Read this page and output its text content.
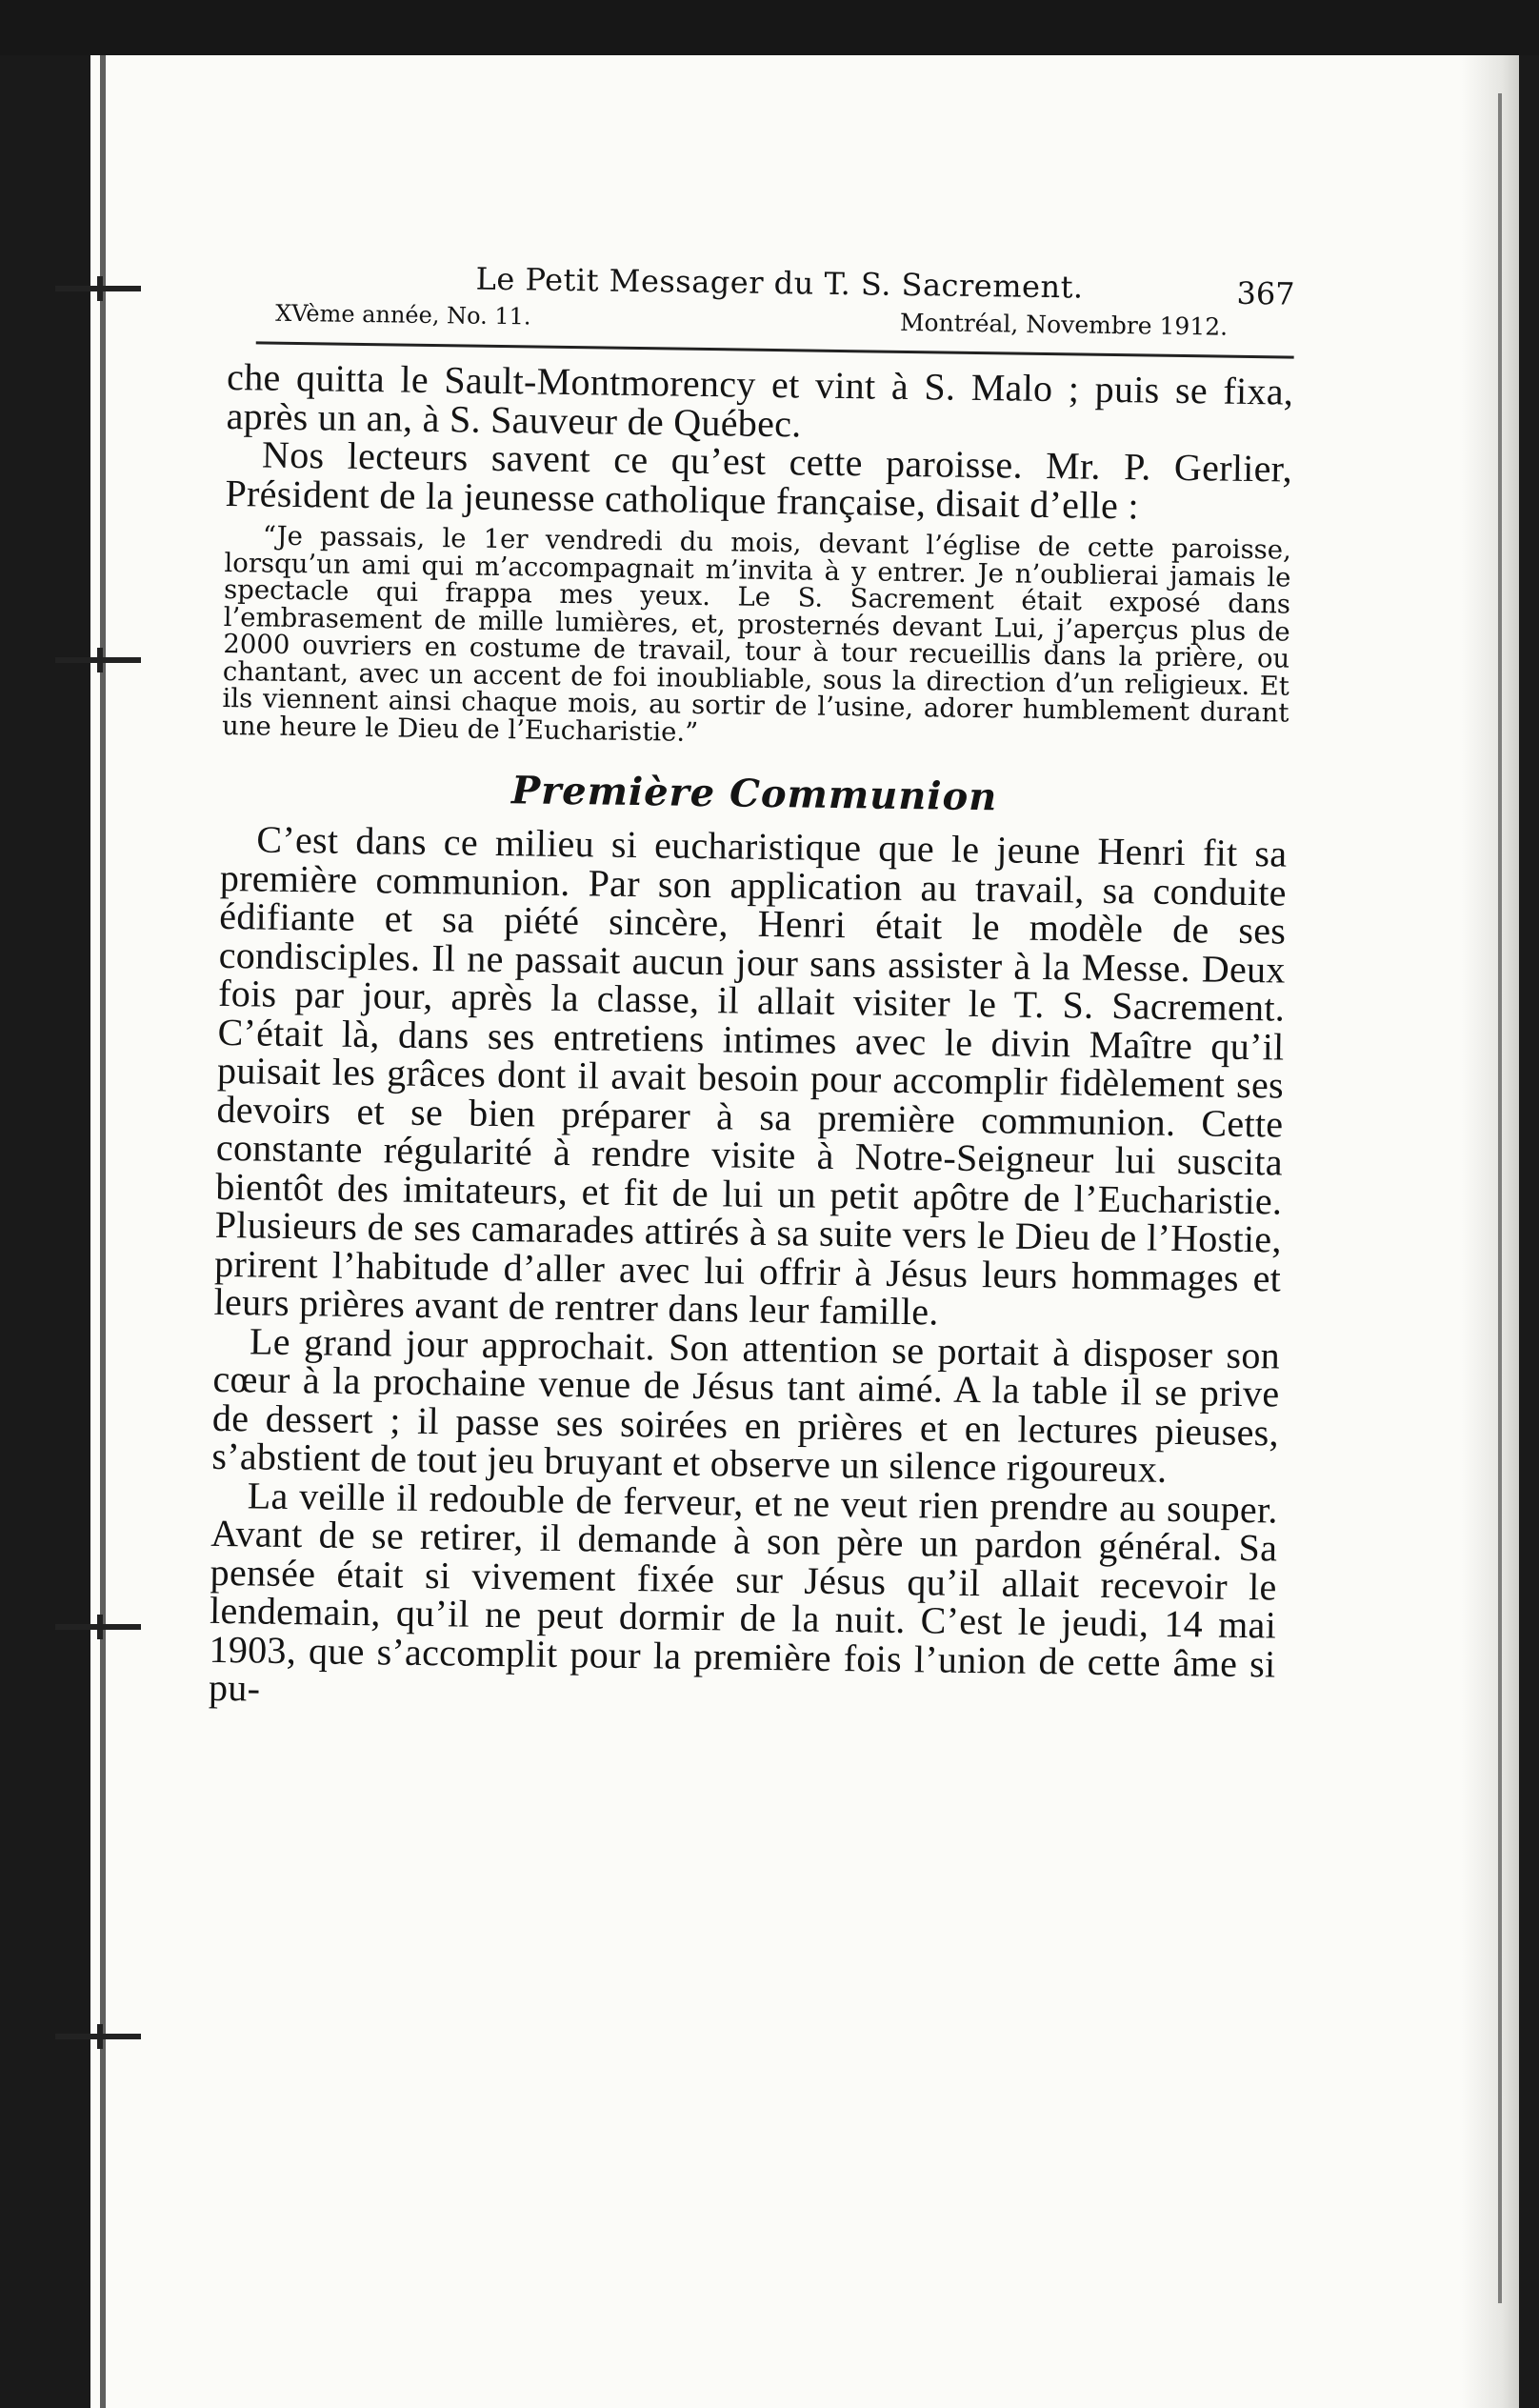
Le Petit Messager du T. S. Sacrement.	367
XVème année, No. 11.	Montréal, Novembre 1912.

che quitta le Sault-Montmorency et vint à S. Malo ; puis se fixa, après un an, à S. Sauveur de Québec.

Nos lecteurs savent ce qu’est cette paroisse. Mr. P. Gerlier, Président de la jeunesse catholique française, disait d’elle :

“Je passais, le 1er vendredi du mois, devant l’église de cette paroisse, lorsqu’un ami qui m’accompagnait m’invita à y entrer. Je n’oublierai jamais le spectacle qui frappa mes yeux. Le S. Sacrement était exposé dans l’embrasement de mille lumières, et, prosternés devant Lui, j’aperçus plus de 2000 ouvriers en costume de travail, tour à tour recueillis dans la prière, ou chantant, avec un accent de foi inoubliable, sous la direction d’un religieux. Et ils viennent ainsi chaque mois, au sortir de l’usine, adorer humblement durant une heure le Dieu de l’Eucharistie.”

Première Communion

C’est dans ce milieu si eucharistique que le jeune Henri fit sa première communion. Par son application au travail, sa conduite édifiante et sa piété sincère, Henri était le modèle de ses condisciples. Il ne passait aucun jour sans assister à la Messe. Deux fois par jour, après la classe, il allait visiter le T. S. Sacrement. C’était là, dans ses entretiens intimes avec le divin Maître qu’il puisait les grâces dont il avait besoin pour accomplir fidèlement ses devoirs et se bien préparer à sa première communion. Cette constante régularité à rendre visite à Notre-Seigneur lui suscita bientôt des imitateurs, et fit de lui un petit apôtre de l’Eucharistie. Plusieurs de ses camarades attirés à sa suite vers le Dieu de l’Hostie, prirent l’habitude d’aller avec lui offrir à Jésus leurs hommages et leurs prières avant de rentrer dans leur famille.

Le grand jour approchait. Son attention se portait à disposer son cœur à la prochaine venue de Jésus tant aimé. A la table il se prive de dessert ; il passe ses soirées en prières et en lectures pieuses, s’abstient de tout jeu bruyant et observe un silence rigoureux.

La veille il redouble de ferveur, et ne veut rien prendre au souper. Avant de se retirer, il demande à son père un pardon général. Sa pensée était si vivement fixée sur Jésus qu’il allait recevoir le lendemain, qu’il ne peut dormir de la nuit. C’est le jeudi, 14 mai 1903, que s’accomplit pour la première fois l’union de cette âme si pu-
